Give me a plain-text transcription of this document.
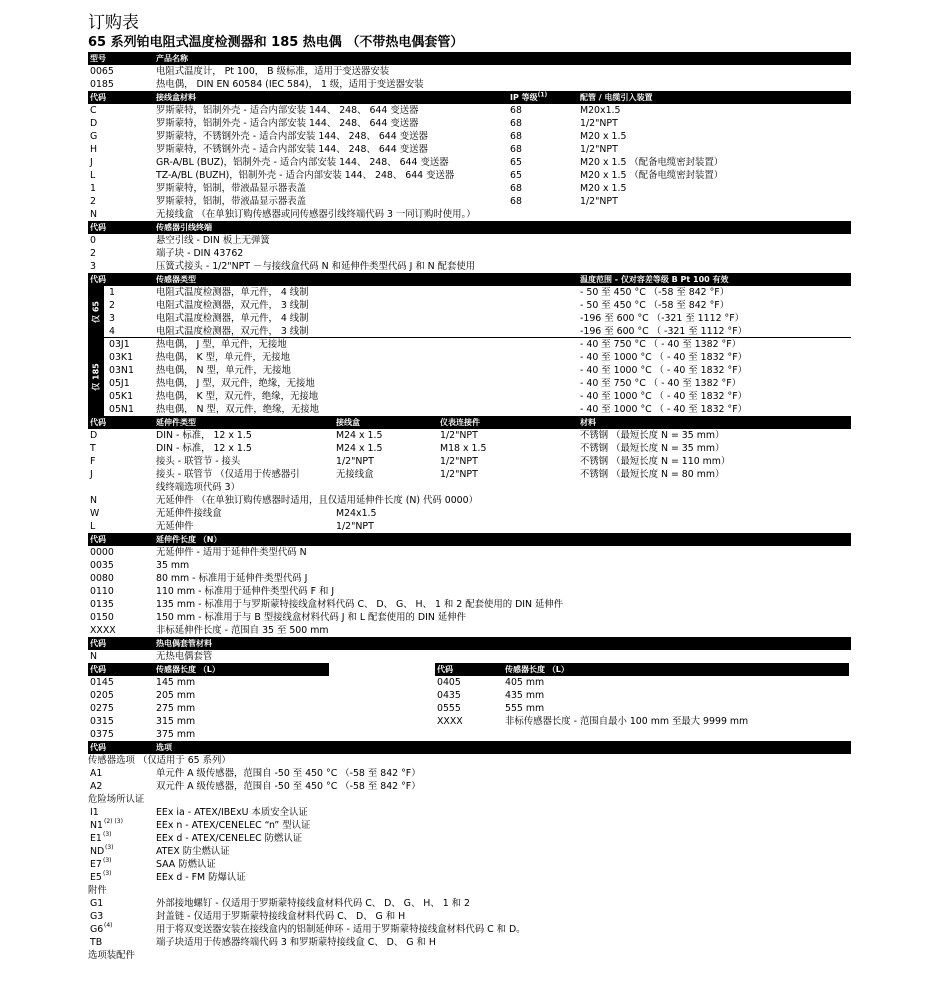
订购表
65 系列铂电阻式温度检测器和 185 热电偶 （不带热电偶套管）
型号	产品名称
0065	电阻式温度计， Pt 100， B 级标准，适用于变送器安装
0185	热电偶， DIN EN 60584 (IEC 584)， 1 级，适用于变送器安装
代码	接线盒材料	IP 等级$^{(1)}$	配管 / 电缆引入装置
C	罗斯蒙特，铝制外壳 - 适合内部安装 144、 248、 644 变送器	68	M20x1.5
D	罗斯蒙特，铝制外壳 - 适合内部安装 144、 248、 644 变送器	68	1/2"NPT
G	罗斯蒙特，不锈钢外壳 - 适合内部安装 144、 248、 644 变送器	68	M20 x 1.5
H	罗斯蒙特，不锈钢外壳 - 适合内部安装 144、 248、 644 变送器	68	1/2"NPT
J	GR-A/BL (BUZ)，铝制外壳 - 适合内部安装 144、 248、 644 变送器	65	M20 x 1.5 （配备电缆密封装置）
L	TZ-A/BL (BUZH)，铝制外壳 - 适合内部安装 144、 248、 644 变送器	65	M20 x 1.5 （配备电缆密封装置）
1	罗斯蒙特，铝制，带液晶显示器表盖	68	M20 x 1.5
2	罗斯蒙特，铝制，带液晶显示器表盖	68	1/2"NPT
N	无接线盒 （在单独订购传感器或同传感器引线终端代码 3 一同订购时使用。）
代码	传感器引线终端
0	悬空引线 - DIN 板上无弹簧
2	端子块 - DIN 43762
3	压簧式接头 - 1/2"NPT －与接线盒代码 N 和延伸件类型代码 J 和 N 配套使用
代码	传感器类型	温度范围 - 仅对容差等级 B Pt 100 有效
仅 65
1	电阻式温度检测器，单元件， 4 线制	- 50 至 450 °C （-58 至 842 °F）
2	电阻式温度检测器，双元件， 3 线制	- 50 至 450 °C （-58 至 842 °F）
3	电阻式温度检测器，单元件， 4 线制	-196 至 600 °C （-321 至 1112 °F）
4	电阻式温度检测器，双元件， 3 线制	-196 至 600 °C （ -321 至 1112 °F）
仅 185
03J1	热电偶， J 型，单元件，无接地	- 40 至 750 °C （ - 40 至 1382 °F）
03K1 热电偶， K 型，单元件，无接地	- 40 至 1000 °C （ - 40 至 1832 °F）
03N1 热电偶， N 型，单元件，无接地	- 40 至 1000 °C （ - 40 至 1832 °F）
05J1	热电偶， J 型，双元件，绝缘，无接地	- 40 至 750 °C （ - 40 至 1382 °F）
05K1 热电偶， K 型，双元件，绝缘，无接地	- 40 至 1000 °C （ - 40 至 1832 °F）
05N1 热电偶， N 型，双元件，绝缘，无接地	- 40 至 1000 °C （ - 40 至 1832 °F）
代码	延伸件类型	接线盒	仪表连接件	材料
D	DIN - 标准， 12 x 1.5	M24 x 1.5	1/2"NPT	不锈钢 （最短长度 N = 35 mm）
T	DIN - 标准， 12 x 1.5	M24 x 1.5	M18 x 1.5	不锈钢 （最短长度 N = 35 mm）
F	接头 - 联管节 - 接头	1/2"NPT	1/2"NPT	不锈钢 （最短长度 N = 110 mm）
J	接头 - 联管节 （仅适用于传感器引	无接线盒	1/2"NPT	不锈钢 （最短长度 N = 80 mm）
线终端选项代码 3）
N	无延伸件 （在单独订购传感器时适用，且仅适用延伸件长度 (N) 代码 0000）
W	无延伸件接线盒	M24x1.5
L	无延伸件	1/2"NPT
代码	延伸件长度 （N）
0000	无延伸件 - 适用于延伸件类型代码 N
0035	35 mm
0080	80 mm - 标准用于延伸件类型代码 J
0110	110 mm - 标准用于延伸件类型代码 F 和 J
0135	135 mm - 标准用于与罗斯蒙特接线盒材料代码 C、 D、 G、 H、 1 和 2 配套使用的 DIN 延伸件
0150	150 mm - 标准用于与 B 型接线盒材料代码 J 和 L 配套使用的 DIN 延伸件
XXXX	非标延伸件长度 - 范围自 35 至 500 mm
代码	热电偶套管材料
N	无热电偶套管
代码	传感器长度 （L）
0145	145 mm
0205	205 mm
0275	275 mm
0315	315 mm
0375	375 mm
代码	传感器长度 （L）
0405	405 mm
0435	435 mm
0555	555 mm
XXXX	非标传感器长度 - 范围自最小 100 mm 至最大 9999 mm
代码	选项
传感器选项 （仅适用于 65 系列）
A1	单元件 A 级传感器，范围自 -50 至 450 °C （-58 至 842 °F）
A2	双元件 A 级传感器，范围自 -50 至 450 °C （-58 至 842 °F）
危险场所认证
I1	EEx ia - ATEX/IBExU 本质安全认证
N1 (2) (3)	EEx n - ATEX/CENELEC “n” 型认证
E1 (3)	EEx d - ATEX/CENELEC 防燃认证
ND (3)	ATEX 防尘燃认证
E7 (3)	SAA 防燃认证
E5 (3)	EEx d - FM 防爆认证
附件
G1	外部接地螺钉 - 仅适用于罗斯蒙特接线盒材料代码 C、 D、 G、 H、 1 和 2
G3	封盖链 - 仅适用于罗斯蒙特接线盒材料代码 C、 D、 G 和 H
G6 (4)	用于将双变送器安装在接线盒内的铝制延伸环 - 适用于罗斯蒙特接线盒材料代码 C 和 D。
TB	端子块适用于传感器终端代码 3 和罗斯蒙特接线盒 C、 D、 G 和 H
选项装配件
